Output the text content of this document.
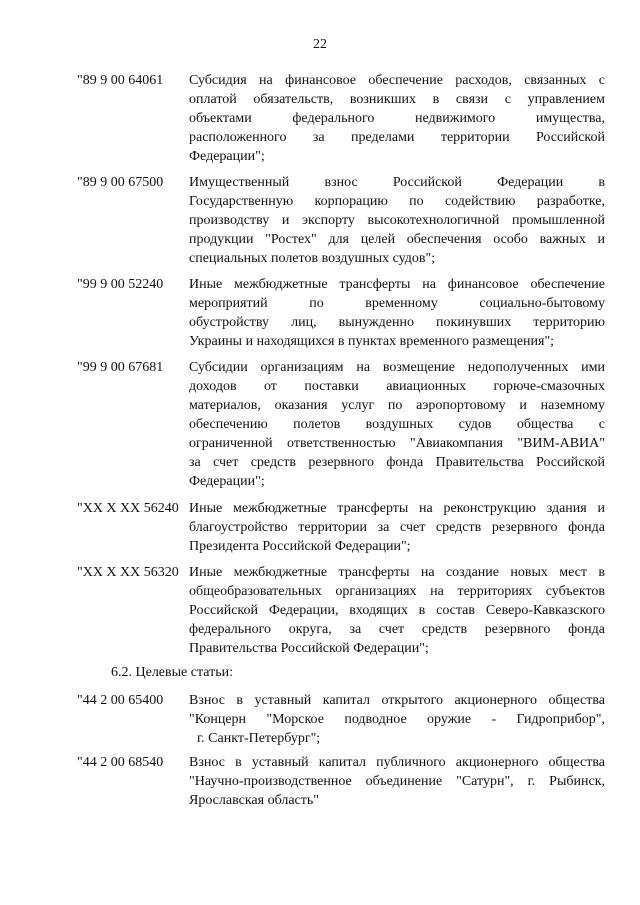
22
"89 9 00 64061 Субсидия на финансовое обеспечение расходов, связанных с
оплатой обязательств, возникших в связи с управлением
объектами федерального недвижимого имущества,
расположенного за пределами территории Российской
Федерации";
"89 9 00 67500 Имущественный взнос Российской Федерации в
Государственную корпорацию по содействию разработке,
производству и экспорту высокотехнологичной промышленной
продукции "Ростех" для целей обеспечения особо важных и
специальных полетов воздушных судов";
"99 9 00 52240 Иные межбюджетные трансферты на финансовое обеспечение
мероприятий по временному социально-бытовому
обустройству лиц, вынужденно покинувших территорию
Украины и находящихся в пунктах временного размещения";
"99 9 00 67681 Субсидии организациям на возмещение недополученных ими
доходов от поставки авиационных горюче-смазочных
материалов, оказания услуг по аэропортовому и наземному
обеспечению полетов воздушных судов общества с
ограниченной ответственностью "Авиакомпания "ВИМ-АВИА"
за счет средств резервного фонда Правительства Российской
Федерации";
"XX X XX 56240 Иные межбюджетные трансферты на реконструкцию здания и
благоустройство территории за счет средств резервного фонда
Президента Российской Федерации";
"XX X XX 56320 Иные межбюджетные трансферты на создание новых мест в
общеобразовательных организациях на территориях субъектов
Российской Федерации, входящих в состав Северо-Кавказского
федерального округа, за счет средств резервного фонда
Правительства Российской Федерации";
6.2. Целевые статьи:
"44 2 00 65400 Взнос в уставный капитал открытого акционерного общества
"Концерн "Морское подводное оружие - Гидроприбор",
г. Санкт-Петербург";
"44 2 00 68540 Взнос в уставный капитал публичного акционерного общества
"Научно-производственное объединение "Сатурн", г. Рыбинск,
Ярославская область"
